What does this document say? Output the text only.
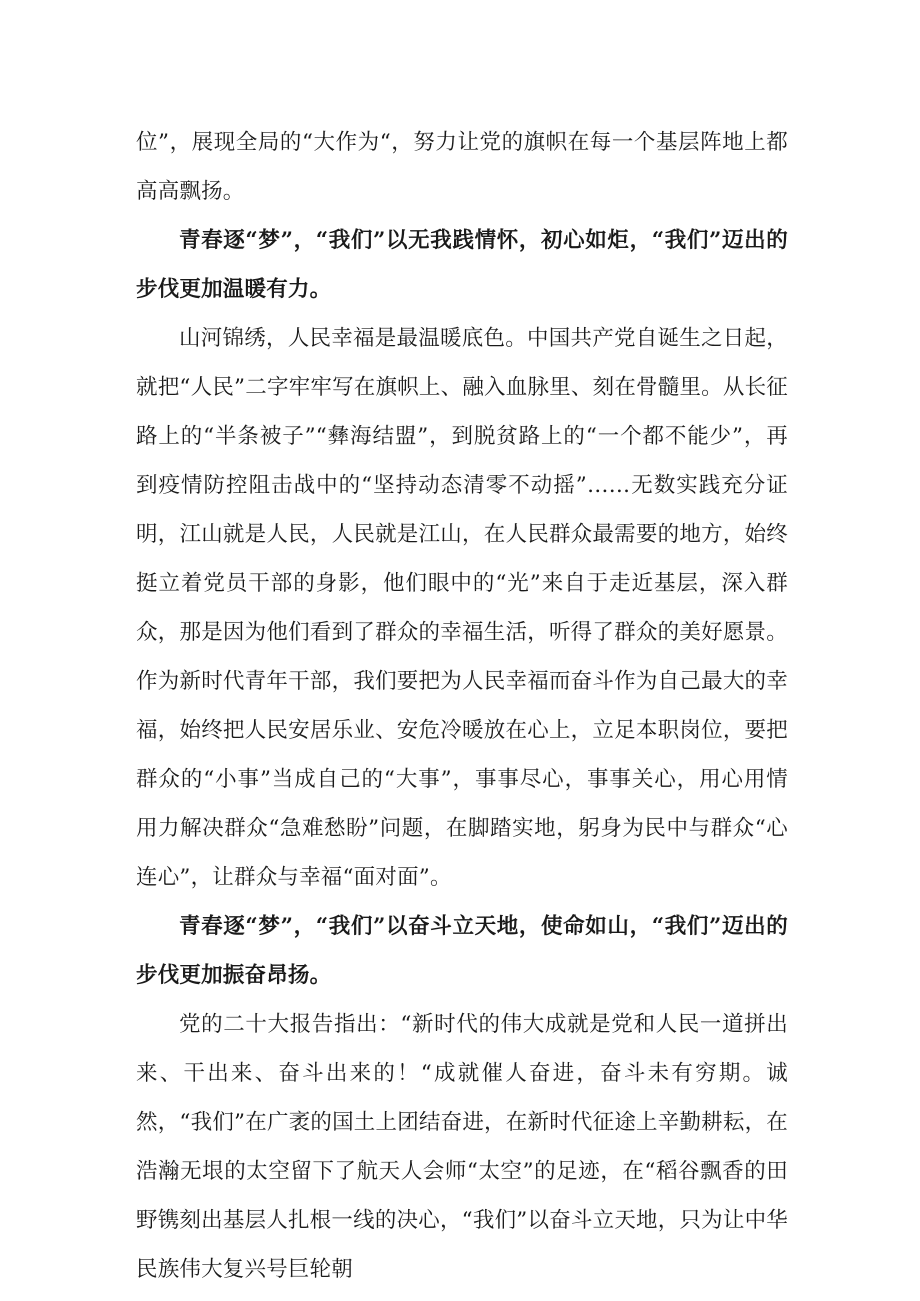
位”，展现全局的“大作为“，努力让党的旗帜在每一个基层阵地上都高高飘扬。

青春逐“梦”，“我们”以无我践情怀，初心如炬，“我们”迈出的步伐更加温暖有力。

山河锦绣，人民幸福是最温暖底色。中国共产党自诞生之日起，就把“人民”二字牢牢写在旗帜上、融入血脉里、刻在骨髓里。从长征路上的“半条被子”“彝海结盟”，到脱贫路上的“一个都不能少”，再到疫情防控阻击战中的“坚持动态清零不动摇”……无数实践充分证明，江山就是人民，人民就是江山，在人民群众最需要的地方，始终挺立着党员干部的身影，他们眼中的“光”来自于走近基层，深入群众，那是因为他们看到了群众的幸福生活，听得了群众的美好愿景。作为新时代青年干部，我们要把为人民幸福而奋斗作为自己最大的幸福，始终把人民安居乐业、安危冷暖放在心上，立足本职岗位，要把群众的“小事”当成自己的“大事”，事事尽心，事事关心，用心用情用力解决群众“急难愁盼”问题，在脚踏实地，躬身为民中与群众“心连心”，让群众与幸福“面对面”。

青春逐“梦”，“我们”以奋斗立天地，使命如山，“我们”迈出的步伐更加振奋昂扬。

党的二十大报告指出：“新时代的伟大成就是党和人民一道拼出来、干出来、奋斗出来的！“成就催人奋进，奋斗未有穷期。诚然，“我们”在广袤的国土上团结奋进，在新时代征途上辛勤耕耘，在浩瀚无垠的太空留下了航天人会师“太空”的足迹，在“稻谷飘香的田野镌刻出基层人扎根一线的决心，“我们”以奋斗立天地，只为让中华民族伟大复兴号巨轮朝
